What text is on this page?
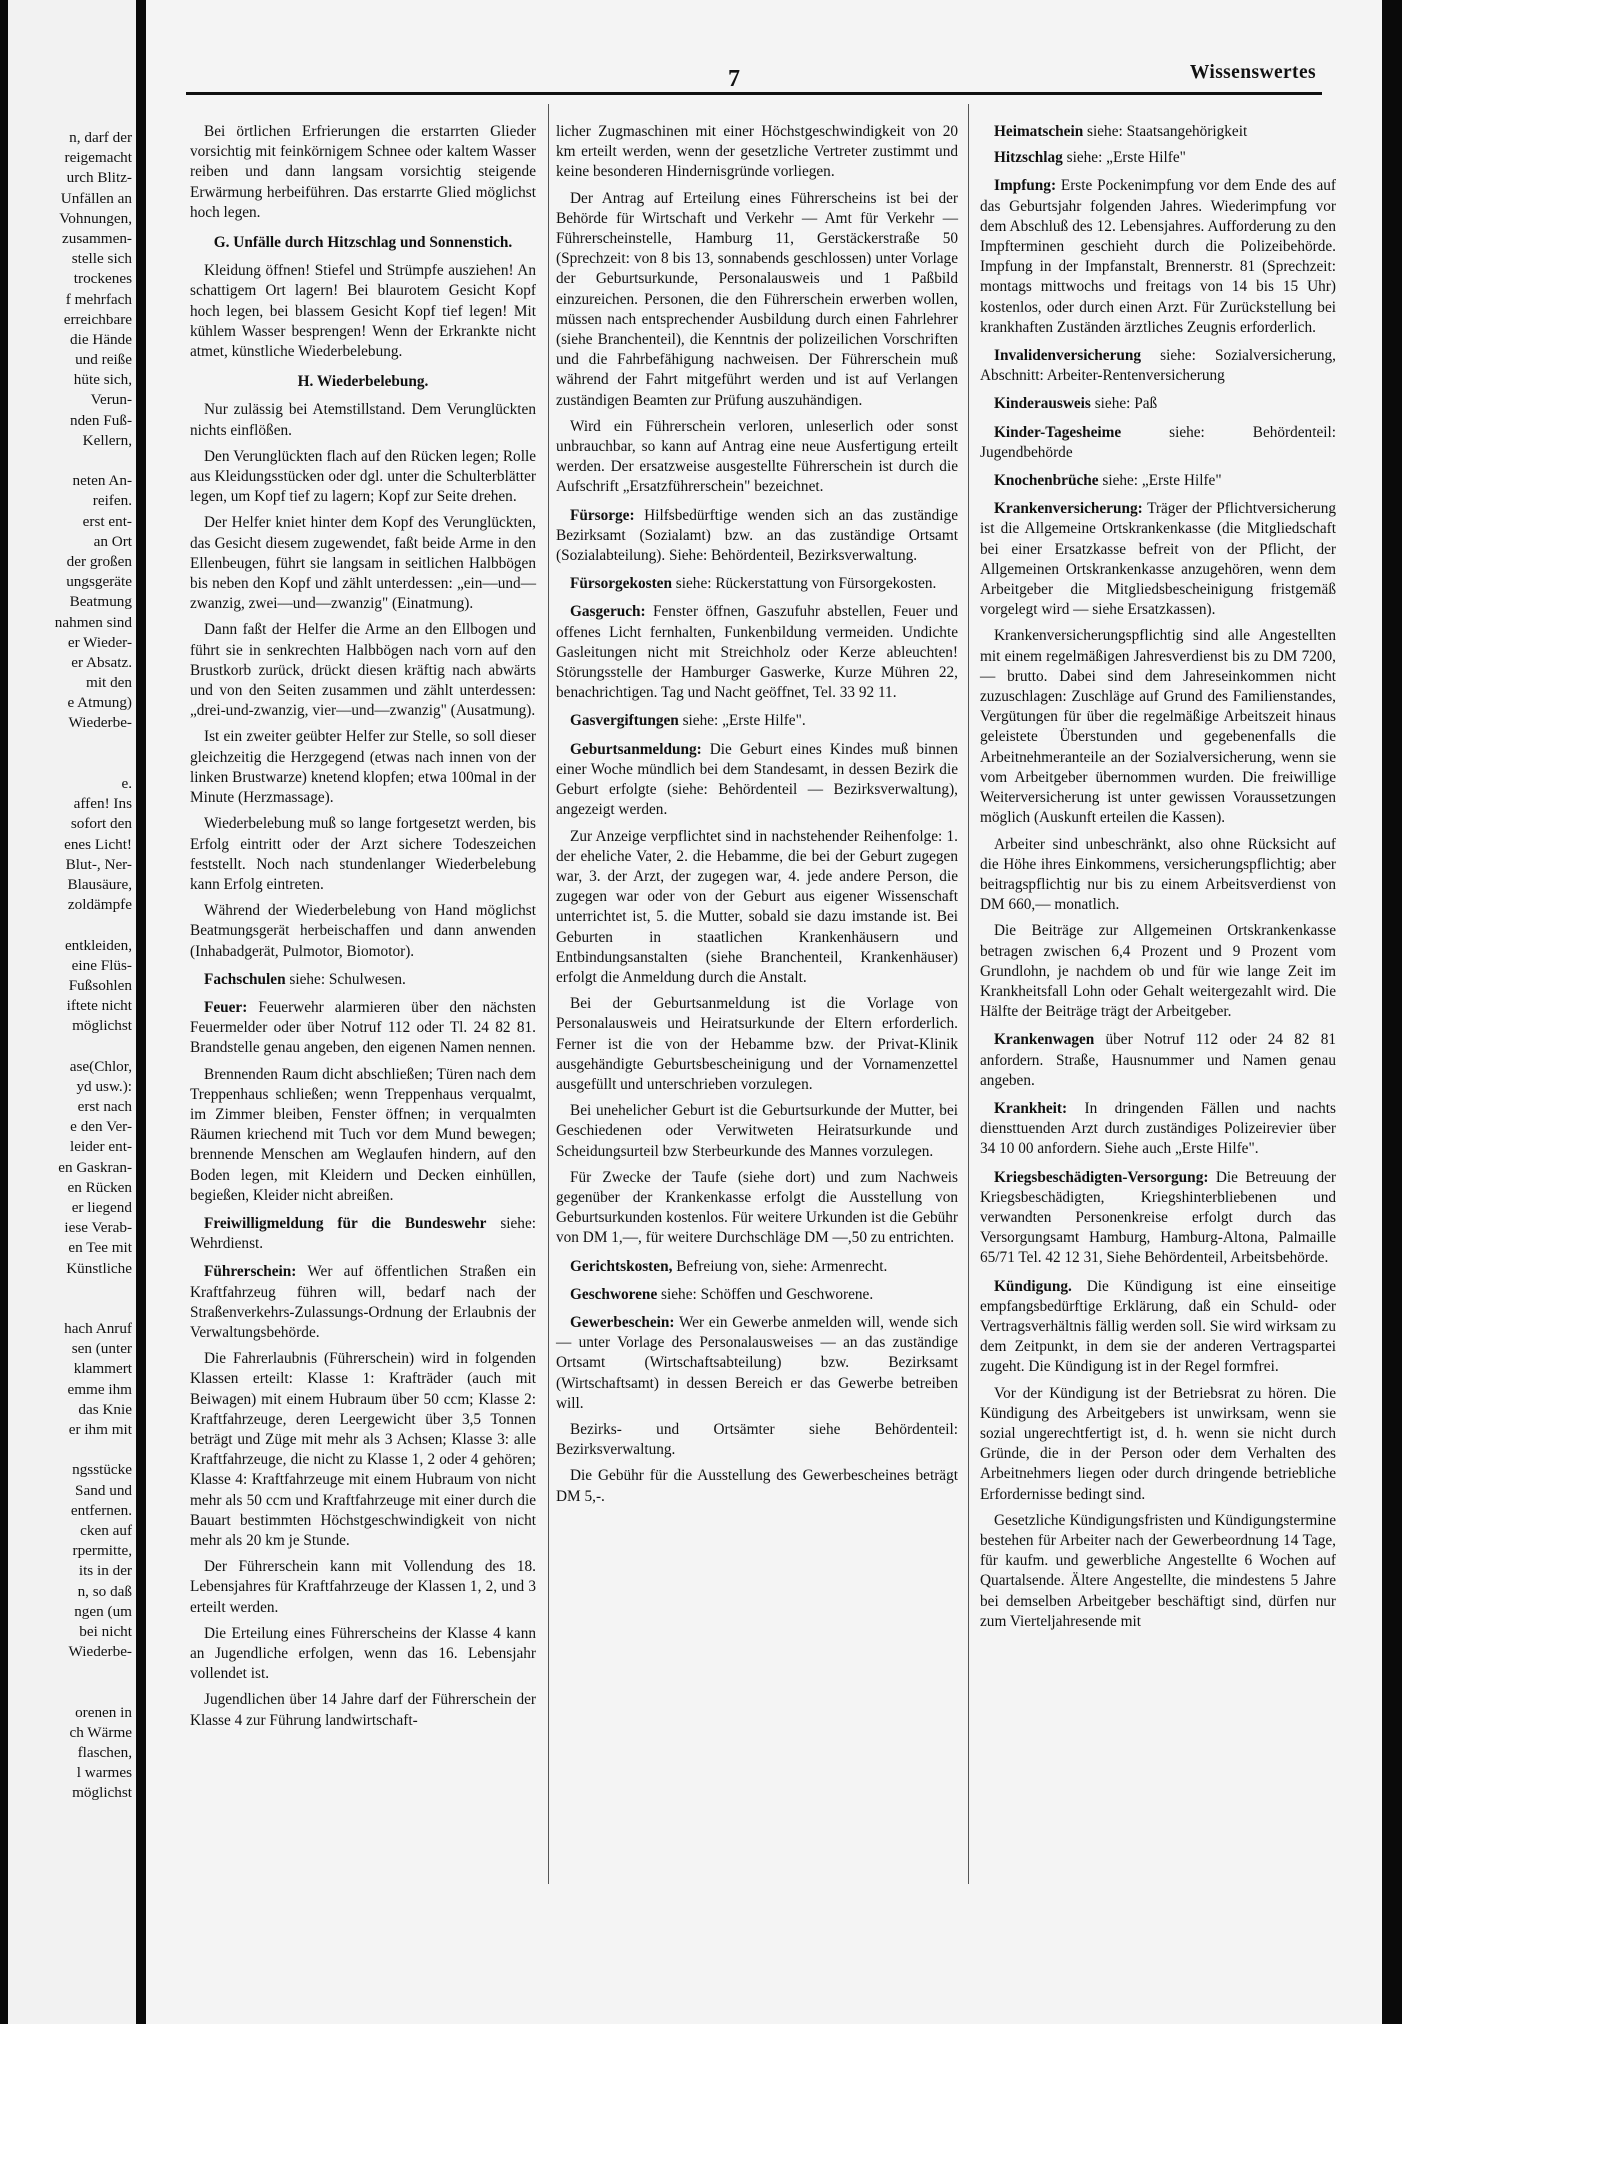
n, darf der
reigemacht
urch Blitz-
Unfällen an
Vohnungen,
zusammen-
stelle sich
trockenes
f mehrfach
erreichbare
die Hände
und reiße
hüte sich,
Verun-
nden Fuß-
Kellern,
neten An-
reifen.
erst ent-
an Ort
der großen
ungsgeräte
Beatmung
nahmen sind
er Wieder-
er Absatz.
mit den
e Atmung)
Wiederbe-
e.
affen! Ins
sofort den
enes Licht!
Blut-, Ner-
Blausäure,
zoldämpfe
entkleiden,
eine Flüs-
Fußsohlen
iftete nicht
möglichst
ase(Chlor,
yd usw.):
erst nach
e den Ver-
leider ent-
en Gaskran-
en Rücken
er liegend
iese Verab-
en Tee mit
Künstliche
hach Anruf
sen (unter
klammert
emme ihm
das Knie
er ihm mit
ngsstücke
Sand und
entfernen.
cken auf
rpermitte,
its in der
n, so daß
ngen (um
bei nicht
Wiederbe-
orenen in
ch Wärme
flaschen,
l warmes
möglichst
7	Wissenswertes

Bei örtlichen Erfrierungen die erstarrten Glieder vorsichtig mit feinkörnigem Schnee oder kaltem Wasser reiben und dann langsam vorsichtig steigende Erwärmung herbeiführen. Das erstarrte Glied möglichst hoch legen.

G. Unfälle durch Hitzschlag und Sonnenstich.

Kleidung öffnen! Stiefel und Strümpfe ausziehen! An schattigem Ort lagern! Bei blaurotem Gesicht Kopf hoch legen, bei blassem Gesicht Kopf tief legen! Mit kühlem Wasser besprengen! Wenn der Erkrankte nicht atmet, künstliche Wiederbelebung.

H. Wiederbelebung.

Nur zulässig bei Atemstillstand. Dem Verunglückten nichts einflößen.

Den Verunglückten flach auf den Rücken legen; Rolle aus Kleidungsstücken oder dgl. unter die Schulterblätter legen, um Kopf tief zu lagern; Kopf zur Seite drehen.

Der Helfer kniet hinter dem Kopf des Verunglückten, das Gesicht diesem zugewendet, faßt beide Arme in den Ellenbeugen, führt sie langsam in seitlichen Halbbögen bis neben den Kopf und zählt unterdessen: „ein—und—zwanzig, zwei—und—zwanzig" (Einatmung).

Dann faßt der Helfer die Arme an den Ellbogen und führt sie in senkrechten Halbbögen nach vorn auf den Brustkorb zurück, drückt diesen kräftig nach abwärts und von den Seiten zusammen und zählt unterdessen: „drei-und-zwanzig, vier—und—zwanzig" (Ausatmung).

Ist ein zweiter geübter Helfer zur Stelle, so soll dieser gleichzeitig die Herzgegend (etwas nach innen von der linken Brustwarze) knetend klopfen; etwa 100mal in der Minute (Herzmassage).

Wiederbelebung muß so lange fortgesetzt werden, bis Erfolg eintritt oder der Arzt sichere Todeszeichen feststellt. Noch nach stundenlanger Wiederbelebung kann Erfolg eintreten.

Während der Wiederbelebung von Hand möglichst Beatmungsgerät herbeischaffen und dann anwenden (Inhabadgerät, Pulmotor, Biomotor).

Fachschulen siehe: Schulwesen.

Feuer: Feuerwehr alarmieren über den nächsten Feuermelder oder über Notruf 112 oder Tl. 24 82 81. Brandstelle genau angeben, den eigenen Namen nennen.

Brennenden Raum dicht abschließen; Türen nach dem Treppenhaus schließen; wenn Treppenhaus verqualmt, im Zimmer bleiben, Fenster öffnen; in verqualmten Räumen kriechend mit Tuch vor dem Mund bewegen; brennende Menschen am Weglaufen hindern, auf den Boden legen, mit Kleidern und Decken einhüllen, begießen, Kleider nicht abreißen.

Freiwilligmeldung für die Bundeswehr siehe: Wehrdienst.

Führerschein: Wer auf öffentlichen Straßen ein Kraftfahrzeug führen will, bedarf nach der Straßenverkehrs-Zulassungs-Ordnung der Erlaubnis der Verwaltungsbehörde.

Die Fahrerlaubnis (Führerschein) wird in folgenden Klassen erteilt: Klasse 1: Krafträder (auch mit Beiwagen) mit einem Hubraum über 50 ccm; Klasse 2: Kraftfahrzeuge, deren Leergewicht über 3,5 Tonnen beträgt und Züge mit mehr als 3 Achsen; Klasse 3: alle Kraftfahrzeuge, die nicht zu Klasse 1, 2 oder 4 gehören; Klasse 4: Kraftfahrzeuge mit einem Hubraum von nicht mehr als 50 ccm und Kraftfahrzeuge mit einer durch die Bauart bestimmten Höchstgeschwindigkeit von nicht mehr als 20 km je Stunde.

Der Führerschein kann mit Vollendung des 18. Lebensjahres für Kraftfahrzeuge der Klassen 1, 2, und 3 erteilt werden.

Die Erteilung eines Führerscheins der Klasse 4 kann an Jugendliche erfolgen, wenn das 16. Lebensjahr vollendet ist.

Jugendlichen über 14 Jahre darf der Führerschein der Klasse 4 zur Führung landwirtschaft-

licher Zugmaschinen mit einer Höchstgeschwindigkeit von 20 km erteilt werden, wenn der gesetzliche Vertreter zustimmt und keine besonderen Hindernisgründe vorliegen.

Der Antrag auf Erteilung eines Führerscheins ist bei der Behörde für Wirtschaft und Verkehr — Amt für Verkehr — Führerscheinstelle, Hamburg 11, Gerstäckerstraße 50 (Sprechzeit: von 8 bis 13, sonnabends geschlossen) unter Vorlage der Geburtsurkunde, Personalausweis und 1 Paßbild einzureichen. Personen, die den Führerschein erwerben wollen, müssen nach entsprechender Ausbildung durch einen Fahrlehrer (siehe Branchenteil), die Kenntnis der polizeilichen Vorschriften und die Fahrbefähigung nachweisen. Der Führerschein muß während der Fahrt mitgeführt werden und ist auf Verlangen zuständigen Beamten zur Prüfung auszuhändigen.

Wird ein Führerschein verloren, unleserlich oder sonst unbrauchbar, so kann auf Antrag eine neue Ausfertigung erteilt werden. Der ersatzweise ausgestellte Führerschein ist durch die Aufschrift „Ersatzführerschein" bezeichnet.

Fürsorge: Hilfsbedürftige wenden sich an das zuständige Bezirksamt (Sozialamt) bzw. an das zuständige Ortsamt (Sozialabteilung). Siehe: Behördenteil, Bezirksverwaltung.

Fürsorgekosten siehe: Rückerstattung von Fürsorgekosten.

Gasgeruch: Fenster öffnen, Gaszufuhr abstellen, Feuer und offenes Licht fernhalten, Funkenbildung vermeiden. Undichte Gasleitungen nicht mit Streichholz oder Kerze ableuchten! Störungsstelle der Hamburger Gaswerke, Kurze Mühren 22, benachrichtigen. Tag und Nacht geöffnet, Tel. 33 92 11.

Gasvergiftungen siehe: „Erste Hilfe".

Geburtsanmeldung: Die Geburt eines Kindes muß binnen einer Woche mündlich bei dem Standesamt, in dessen Bezirk die Geburt erfolgte (siehe: Behördenteil — Bezirksverwaltung), angezeigt werden.

Zur Anzeige verpflichtet sind in nachstehender Reihenfolge: 1. der eheliche Vater, 2. die Hebamme, die bei der Geburt zugegen war, 3. der Arzt, der zugegen war, 4. jede andere Person, die zugegen war oder von der Geburt aus eigener Wissenschaft unterrichtet ist, 5. die Mutter, sobald sie dazu imstande ist. Bei Geburten in staatlichen Krankenhäusern und Entbindungsanstalten (siehe Branchenteil, Krankenhäuser) erfolgt die Anmeldung durch die Anstalt.

Bei der Geburtsanmeldung ist die Vorlage von Personalausweis und Heiratsurkunde der Eltern erforderlich. Ferner ist die von der Hebamme bzw. der Privat-Klinik ausgehändigte Geburtsbescheinigung und der Vornamenzettel ausgefüllt und unterschrieben vorzulegen.

Bei unehelicher Geburt ist die Geburtsurkunde der Mutter, bei Geschiedenen oder Verwitweten Heiratsurkunde und Scheidungsurteil bzw Sterbeurkunde des Mannes vorzulegen.

Für Zwecke der Taufe (siehe dort) und zum Nachweis gegenüber der Krankenkasse erfolgt die Ausstellung von Geburtsurkunden kostenlos. Für weitere Urkunden ist die Gebühr von DM 1,—, für weitere Durchschläge DM —,50 zu entrichten.

Gerichtskosten, Befreiung von, siehe: Armenrecht.

Geschworene siehe: Schöffen und Geschworene.

Gewerbeschein: Wer ein Gewerbe anmelden will, wende sich — unter Vorlage des Personalausweises — an das zuständige Ortsamt (Wirtschaftsabteilung) bzw. Bezirksamt (Wirtschaftsamt) in dessen Bereich er das Gewerbe betreiben will.

Bezirks- und Ortsämter siehe Behördenteil: Bezirksverwaltung.

Die Gebühr für die Ausstellung des Gewerbescheines beträgt DM 5,-.

Heimatschein siehe: Staatsangehörigkeit

Hitzschlag siehe: „Erste Hilfe"

Impfung: Erste Pockenimpfung vor dem Ende des auf das Geburtsjahr folgenden Jahres. Wiederimpfung vor dem Abschluß des 12. Lebensjahres. Aufforderung zu den Impfterminen geschieht durch die Polizeibehörde. Impfung in der Impfanstalt, Brennerstr. 81 (Sprechzeit: montags mittwochs und freitags von 14 bis 15 Uhr) kostenlos, oder durch einen Arzt. Für Zurückstellung bei krankhaften Zuständen ärztliches Zeugnis erforderlich.

Invalidenversicherung siehe: Sozialversicherung, Abschnitt: Arbeiter-Rentenversicherung

Kinderausweis siehe: Paß

Kinder-Tagesheime siehe: Behördenteil: Jugendbehörde

Knochenbrüche siehe: „Erste Hilfe"

Krankenversicherung: Träger der Pflichtversicherung ist die Allgemeine Ortskrankenkasse (die Mitgliedschaft bei einer Ersatzkasse befreit von der Pflicht, der Allgemeinen Ortskrankenkasse anzugehören, wenn dem Arbeitgeber die Mitgliedsbescheinigung fristgemäß vorgelegt wird — siehe Ersatzkassen).

Krankenversicherungspflichtig sind alle Angestellten mit einem regelmäßigen Jahresverdienst bis zu DM 7200,— brutto. Dabei sind dem Jahreseinkommen nicht zuzuschlagen: Zuschläge auf Grund des Familienstandes, Vergütungen für über die regelmäßige Arbeitszeit hinaus geleistete Überstunden und gegebenenfalls die Arbeitnehmeranteile an der Sozialversicherung, wenn sie vom Arbeitgeber übernommen wurden. Die freiwillige Weiterversicherung ist unter gewissen Voraussetzungen möglich (Auskunft erteilen die Kassen).

Arbeiter sind unbeschränkt, also ohne Rücksicht auf die Höhe ihres Einkommens, versicherungspflichtig; aber beitragspflichtig nur bis zu einem Arbeitsverdienst von DM 660,— monatlich.

Die Beiträge zur Allgemeinen Ortskrankenkasse betragen zwischen 6,4 Prozent und 9 Prozent vom Grundlohn, je nachdem ob und für wie lange Zeit im Krankheitsfall Lohn oder Gehalt weitergezahlt wird. Die Hälfte der Beiträge trägt der Arbeitgeber.

Krankenwagen über Notruf 112 oder 24 82 81 anfordern. Straße, Hausnummer und Namen genau angeben.

Krankheit: In dringenden Fällen und nachts diensttuenden Arzt durch zuständiges Polizeirevier über 34 10 00 anfordern. Siehe auch „Erste Hilfe".

Kriegsbeschädigten-Versorgung: Die Betreuung der Kriegsbeschädigten, Kriegshinterbliebenen und verwandten Personenkreise erfolgt durch das Versorgungsamt Hamburg, Hamburg-Altona, Palmaille 65/71 Tel. 42 12 31, Siehe Behördenteil, Arbeitsbehörde.

Kündigung. Die Kündigung ist eine einseitige empfangsbedürftige Erklärung, daß ein Schuld- oder Vertragsverhältnis fällig werden soll. Sie wird wirksam zu dem Zeitpunkt, in dem sie der anderen Vertragspartei zugeht. Die Kündigung ist in der Regel formfrei.

Vor der Kündigung ist der Betriebsrat zu hören. Die Kündigung des Arbeitgebers ist unwirksam, wenn sie sozial ungerechtfertigt ist, d. h. wenn sie nicht durch Gründe, die in der Person oder dem Verhalten des Arbeitnehmers liegen oder durch dringende betriebliche Erfordernisse bedingt sind.

Gesetzliche Kündigungsfristen und Kündigungstermine bestehen für Arbeiter nach der Gewerbeordnung 14 Tage, für kaufm. und gewerbliche Angestellte 6 Wochen auf Quartalsende. Ältere Angestellte, die mindestens 5 Jahre bei demselben Arbeitgeber beschäftigt sind, dürfen nur zum Vierteljahresende mit
